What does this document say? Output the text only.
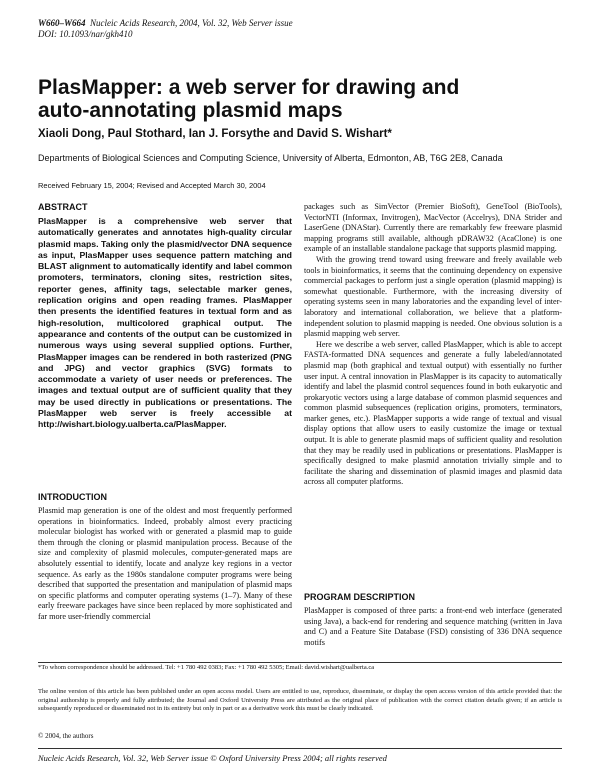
W660–W664 Nucleic Acids Research, 2004, Vol. 32, Web Server issue
DOI: 10.1093/nar/gkh410
PlasMapper: a web server for drawing and auto-annotating plasmid maps
Xiaoli Dong, Paul Stothard, Ian J. Forsythe and David S. Wishart*
Departments of Biological Sciences and Computing Science, University of Alberta, Edmonton, AB, T6G 2E8, Canada
Received February 15, 2004; Revised and Accepted March 30, 2004
ABSTRACT

PlasMapper is a comprehensive web server that automatically generates and annotates high-quality circular plasmid maps. Taking only the plasmid/vector DNA sequence as input, PlasMapper uses sequence pattern matching and BLAST alignment to automatically identify and label common promoters, terminators, cloning sites, restriction sites, reporter genes, affinity tags, selectable marker genes, replication origins and open reading frames. PlasMapper then presents the identified features in textual form and as high-resolution, multicolored graphical output. The appearance and contents of the output can be customized in numerous ways using several supplied options. Further, PlasMapper images can be rendered in both rasterized (PNG and JPG) and vector graphics (SVG) formats to accommodate a variety of user needs or preferences. The images and textual output are of sufficient quality that they may be used directly in publications or presentations. The PlasMapper web server is freely accessible at http://wishart.biology.ualberta.ca/PlasMapper.

INTRODUCTION

Plasmid map generation is one of the oldest and most frequently performed operations in bioinformatics. Indeed, probably almost every practicing molecular biologist has worked with or generated a plasmid map to guide them through the cloning or plasmid manipulation process. Because of the size and complexity of plasmid molecules, computer-generated maps are absolutely essential to identify, locate and analyze key regions in a vector sequence. As early as the 1980s standalone computer programs were being described that supported the presentation and manipulation of plasmid maps on specific platforms and computer operating systems (1–7). Many of these early freeware packages have since been replaced by more sophisticated and far more user-friendly commercial

packages such as SimVector (Premier BioSoft), GeneTool (BioTools), VectorNTI (Informax, Invitrogen), MacVector (Accelrys), DNA Strider and LaserGene (DNAStar). Currently there are remarkably few freeware plasmid mapping programs still available, although pDRAW32 (AcaClone) is one example of an installable standalone package that supports plasmid mapping.

With the growing trend toward using freeware and freely available web tools in bioinformatics, it seems that the continuing dependency on expensive commercial packages to perform just a single operation (plasmid mapping) is somewhat questionable. Furthermore, with the increasing diversity of operating systems seen in many laboratories and the expanding level of inter-laboratory and international collaboration, we believe that a platform-independent solution to plasmid mapping is needed. One obvious solution is a plasmid mapping web server.

Here we describe a web server, called PlasMapper, which is able to accept FASTA-formatted DNA sequences and generate a fully labeled/annotated plasmid map (both graphical and textual output) with essentially no further user input. A central innovation in PlasMapper is its capacity to automatically identify and label the plasmid control sequences found in both eukaryotic and prokaryotic vectors using a large database of common plasmid sequences and common plasmid subsequences (replication origins, promoters, terminators, marker genes, etc.). PlasMapper supports a wide range of textual and visual display options that allow users to easily customize the image or textual output. It is able to generate plasmid maps of sufficient quality and resolution that they may be readily used in publications or presentations. PlasMapper is specifically designed to make plasmid annotation trivially simple and to facilitate the sharing and dissemination of plasmid images and plasmid data across all computer platforms.

PROGRAM DESCRIPTION

PlasMapper is composed of three parts: a front-end web interface (generated using Java), a back-end for rendering and sequence matching (written in Java and C) and a Feature Site Database (FSD) consisting of 336 DNA sequence motifs

*To whom correspondence should be addressed. Tel: +1 780 492 0383; Fax: +1 780 492 5305; Email: david.wishart@ualberta.ca
The online version of this article has been published under an open access model. Users are entitled to use, reproduce, disseminate, or display the open access version of this article provided that: the original authorship is properly and fully attributed; the Journal and Oxford University Press are attributed as the original place of publication with the correct citation details given; if an article is subsequently reproduced or disseminated not in its entirety but only in part or as a derivative work this must be clearly indicated.
© 2004, the authors
Nucleic Acids Research, Vol. 32, Web Server issue © Oxford University Press 2004; all rights reserved
